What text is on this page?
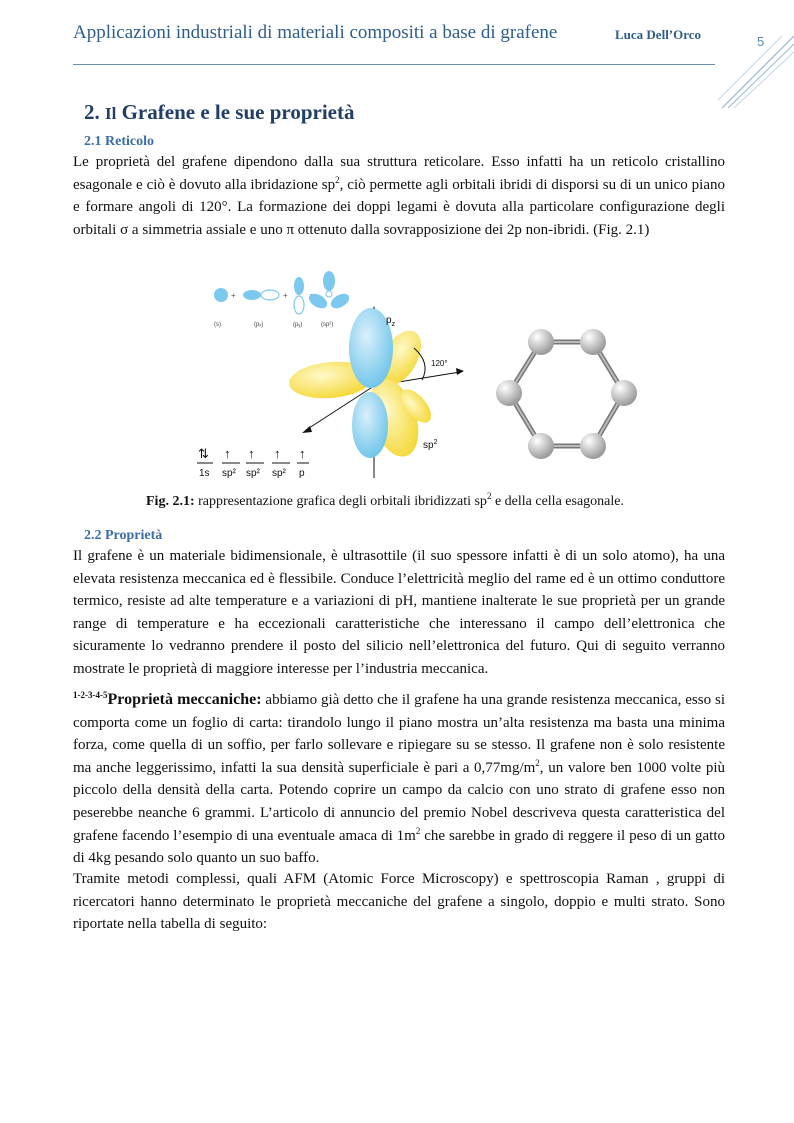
Applicazioni industriali di materiali compositi a base di grafene	Luca Dell’Orco	5
2. Il Grafene e le sue proprietà
2.1 Reticolo

Le proprietà del grafene dipendono dalla sua struttura reticolare. Esso infatti ha un reticolo cristallino esagonale e ciò è dovuto alla ibridazione $sp^2$, ciò permette agli orbitali ibridi di disporsi su di un unico piano e formare angoli di 120°. La formazione dei doppi legami è dovuta alla particolare configurazione degli orbitali σ a simmetria assiale e uno π ottenuto dalla sovrapposizione dei 2p non-ibridi. (Fig. 2.1)

+	+
(s)	(pₓ)	(pᵧ)	(sp²)	$p_z$
120°
$sp^2$
⇅ ↑ ↑ ↑ ↑
1s sp² sp² sp² p
Fig. 2.1: rappresentazione grafica degli orbitali ibridizzati $sp^2$ e della cella esagonale.
2.2 Proprietà

Il grafene è un materiale bidimensionale, è ultrasottile (il suo spessore infatti è di un solo atomo), ha una elevata resistenza meccanica ed è flessibile. Conduce l’elettricità meglio del rame ed è un ottimo conduttore termico, resiste ad alte temperature e a variazioni di pH, mantiene inalterate le sue proprietà per un grande range di temperature e ha eccezionali caratteristiche che interessano il campo dell’elettronica che sicuramente lo vedranno prendere il posto del silicio nell’elettronica del futuro. Qui di seguito verranno mostrate le proprietà di maggiore interesse per l’industria meccanica.

$^{1-2-3-4-5}$Proprietà meccaniche: abbiamo già detto che il grafene ha una grande resistenza meccanica, esso si comporta come un foglio di carta: tirandolo lungo il piano mostra un’alta resistenza ma basta una minima forza, come quella di un soffio, per farlo sollevare e ripiegare su se stesso. Il grafene non è solo resistente ma anche leggerissimo, infatti la sua densità superficiale è pari a $0,77mg/m^2$, un valore ben 1000 volte più piccolo della densità della carta. Potendo coprire un campo da calcio con uno strato di grafene esso non peserebbe neanche 6 grammi. L’articolo di annuncio del premio Nobel descriveva questa caratteristica del grafene facendo l’esempio di una eventuale amaca di $1m^2$ che sarebbe in grado di reggere il peso di un gatto di 4kg pesando solo quanto un suo baffo.

Tramite metodi complessi, quali AFM (Atomic Force Microscopy) e spettroscopia Raman , gruppi di ricercatori hanno determinato le proprietà meccaniche del grafene a singolo, doppio e multi strato. Sono riportate nella tabella di seguito:
